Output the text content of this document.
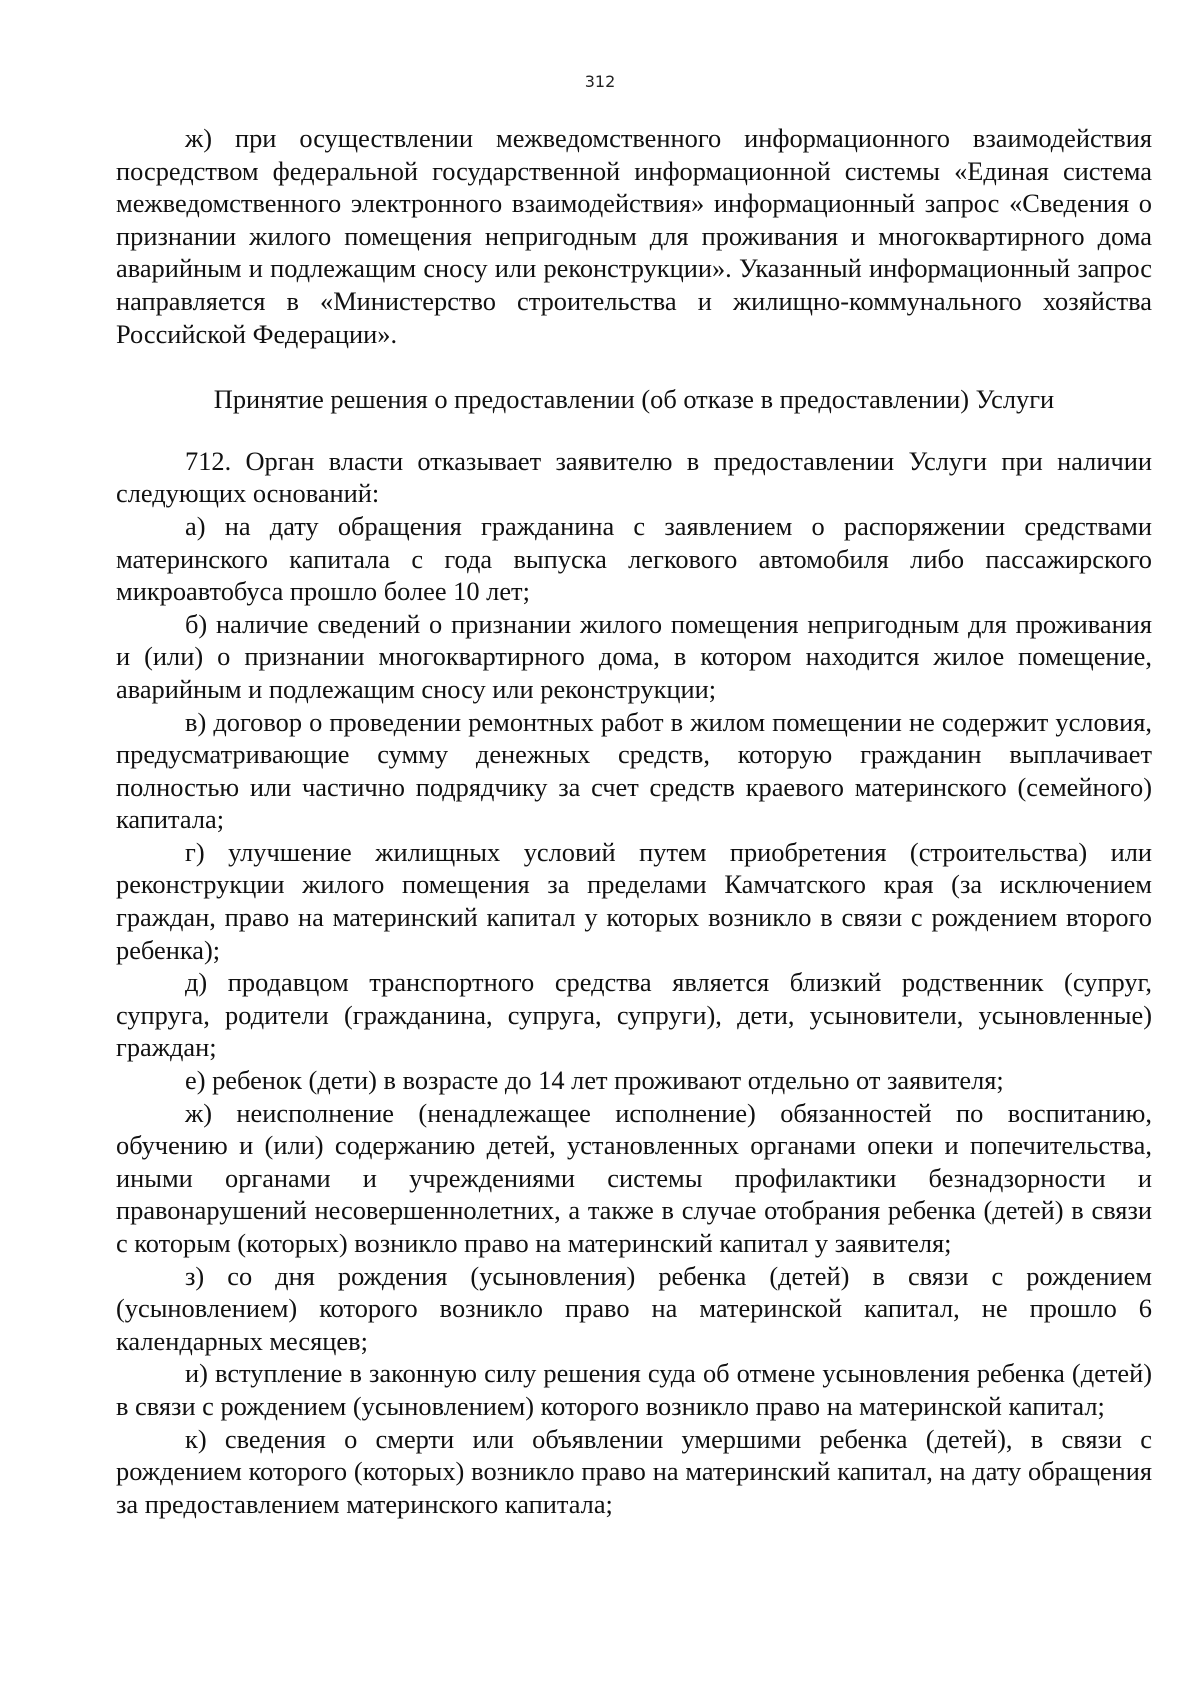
312

ж) при осуществлении межведомственного информационного взаимодействия посредством федеральной государственной информационной системы «Единая система межведомственного электронного взаимодействия» информационный запрос «Сведения о признании жилого помещения непригодным для проживания и многоквартирного дома аварийным и подлежащим сносу или реконструкции». Указанный информационный запрос направляется в «Министерство строительства и жилищно-коммунального хозяйства Российской Федерации».

Принятие решения о предоставлении (об отказе в предоставлении) Услуги

712. Орган власти отказывает заявителю в предоставлении Услуги при наличии следующих оснований:

а) на дату обращения гражданина с заявлением о распоряжении средствами материнского капитала с года выпуска легкового автомобиля либо пассажирского микроавтобуса прошло более 10 лет;

б) наличие сведений о признании жилого помещения непригодным для проживания и (или) о признании многоквартирного дома, в котором находится жилое помещение, аварийным и подлежащим сносу или реконструкции;

в) договор о проведении ремонтных работ в жилом помещении не содержит условия, предусматривающие сумму денежных средств, которую гражданин выплачивает полностью или частично подрядчику за счет средств краевого материнского (семейного) капитала;

г) улучшение жилищных условий путем приобретения (строительства) или реконструкции жилого помещения за пределами Камчатского края (за исключением граждан, право на материнский капитал у которых возникло в связи с рождением второго ребенка);

д) продавцом транспортного средства является близкий родственник (супруг, супруга, родители (гражданина, супруга, супруги), дети, усыновители, усыновленные) граждан;

е) ребенок (дети) в возрасте до 14 лет проживают отдельно от заявителя;

ж) неисполнение (ненадлежащее исполнение) обязанностей по воспитанию, обучению и (или) содержанию детей, установленных органами опеки и попечительства, иными органами и учреждениями системы профилактики безнадзорности и правонарушений несовершеннолетних, а также в случае отобрания ребенка (детей) в связи с которым (которых) возникло право на материнский капитал у заявителя;

з) со дня рождения (усыновления) ребенка (детей) в связи с рождением (усыновлением) которого возникло право на материнской капитал, не прошло 6 календарных месяцев;

и) вступление в законную силу решения суда об отмене усыновления ребенка (детей) в связи с рождением (усыновлением) которого возникло право на материнской капитал;

к) сведения о смерти или объявлении умершими ребенка (детей), в связи с рождением которого (которых) возникло право на материнский капитал, на дату обращения за предоставлением материнского капитала;
